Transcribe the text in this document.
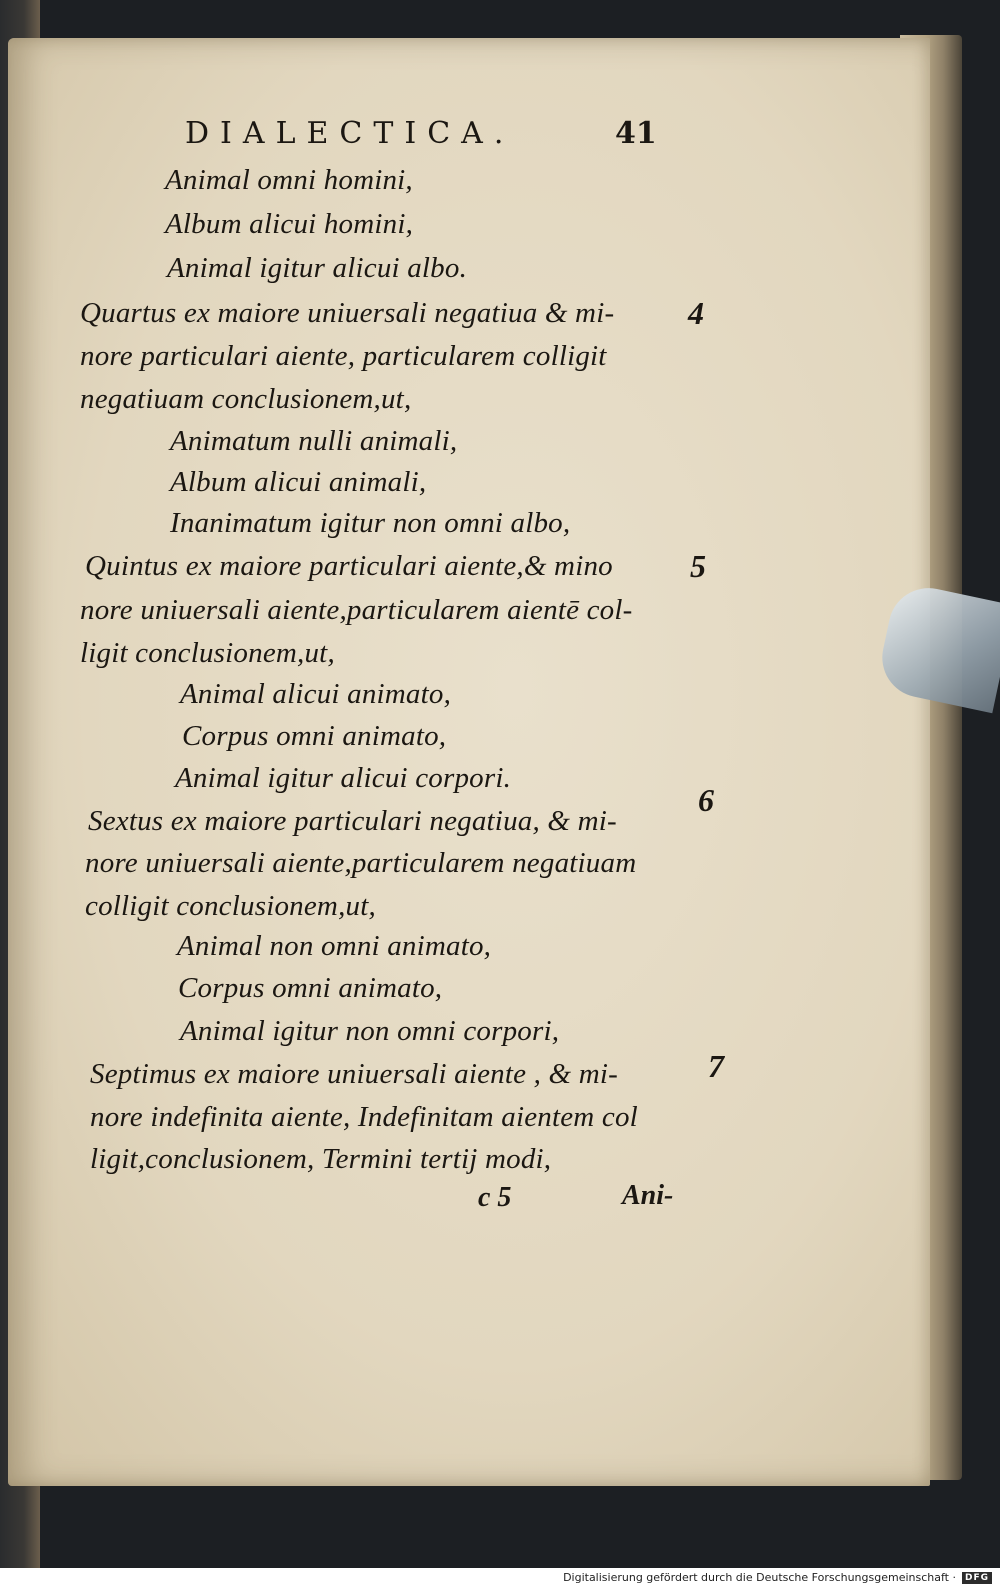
DIALECTICA.	41
Animal omni homini,
Album alicui homini,
Animal igitur alicui albo.
Quartus ex maiore uniuersali negatiua & mi-
nore particulari aiente, particularem colligit
negatiuam conclusionem,ut,
Animatum nulli animali,
Album alicui animali,
Inanimatum igitur non omni albo,
Quintus ex maiore particulari aiente,& mino
nore uniuersali aiente,particularem aientē col-
ligit conclusionem,ut,
Animal alicui animato,
Corpus omni animato,
Animal igitur alicui corpori.
Sextus ex maiore particulari negatiua, & mi-
nore uniuersali aiente,particularem negatiuam
colligit conclusionem,ut,
Animal non omni animato,
Corpus omni animato,
Animal igitur non omni corpori,
Septimus ex maiore uniuersali aiente , & mi-
nore indefinita aiente, Indefinitam aientem col
ligit,conclusionem, Termini tertij modi,
4
5
6
7
c 5	Ani-
Digitalisierung gefördert durch die Deutsche Forschungsgemeinschaft ·	DFG
